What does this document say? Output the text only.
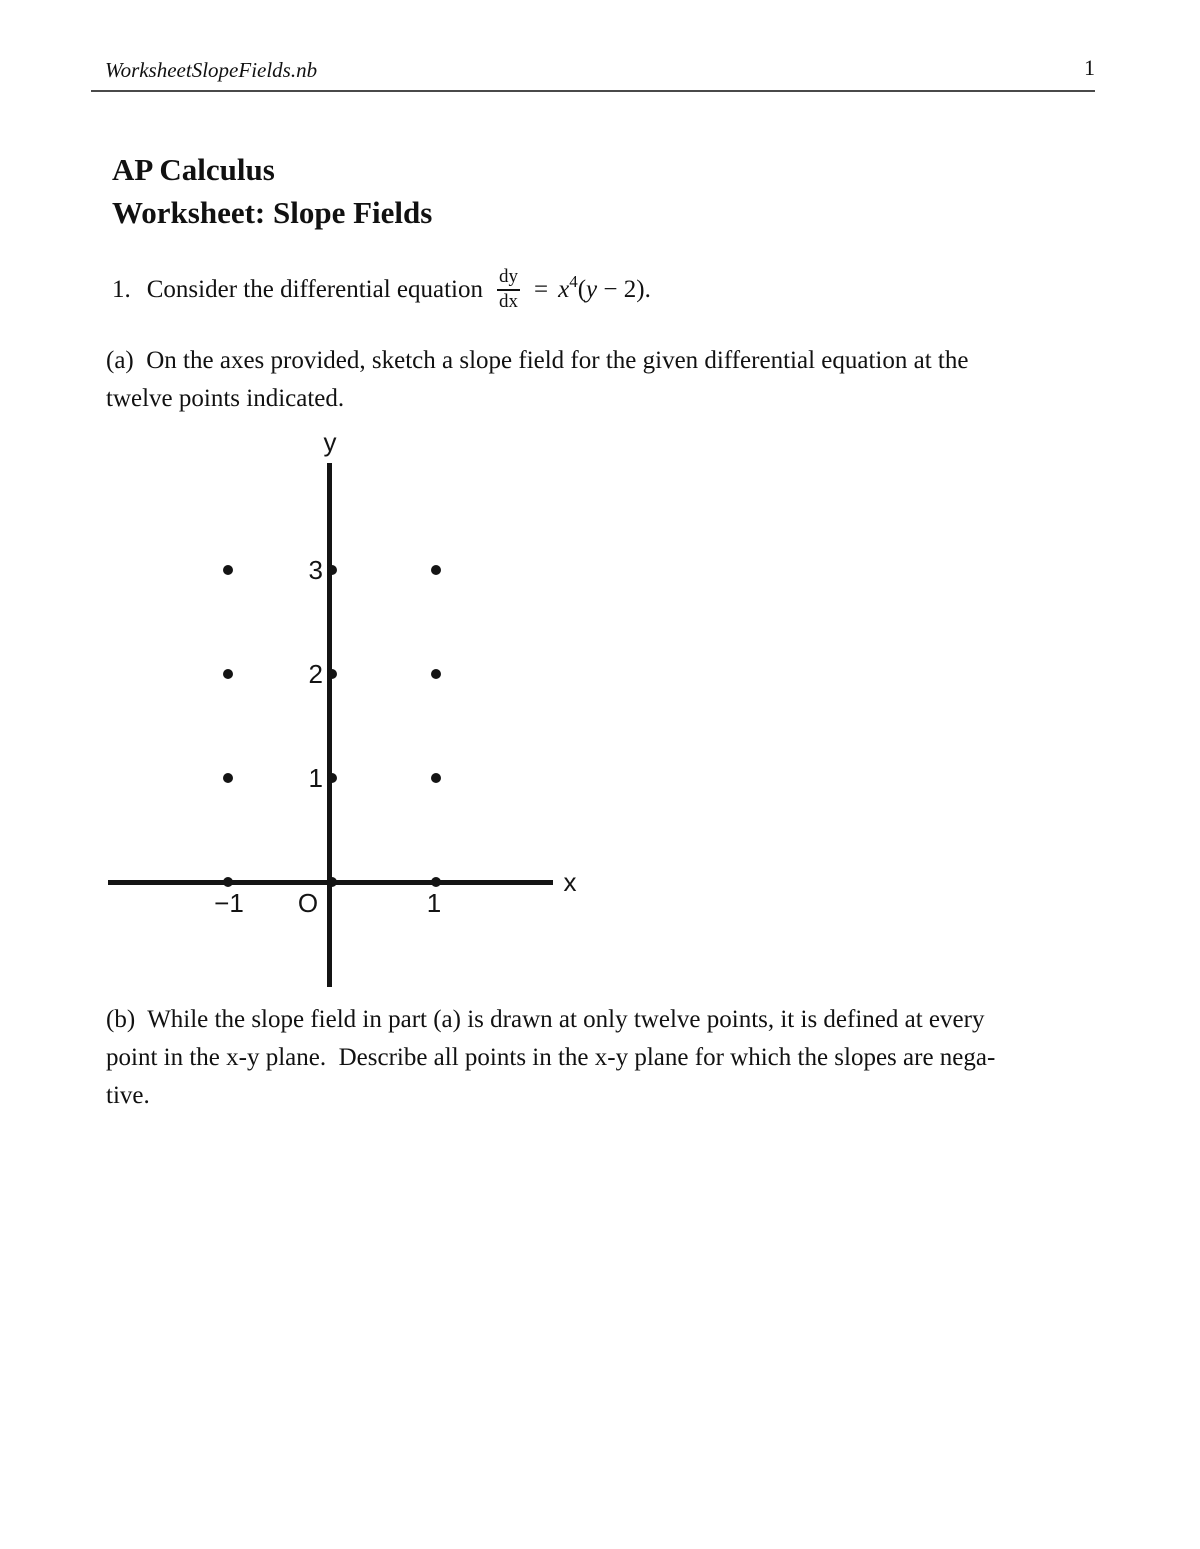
WorksheetSlopeFields.nb	1
AP Calculus
Worksheet: Slope Fields
1. Consider the differential equation $\frac{dy}{dx} = x^4(y - 2)$.
(a)  On the axes provided, sketch a slope field for the given differential equation at the
twelve points indicated.
y
x
3
2
1
−1	O	1
(b)  While the slope field in part (a) is drawn at only twelve points, it is defined at every
point in the x-y plane.  Describe all points in the x-y plane for which the slopes are nega-
tive.
